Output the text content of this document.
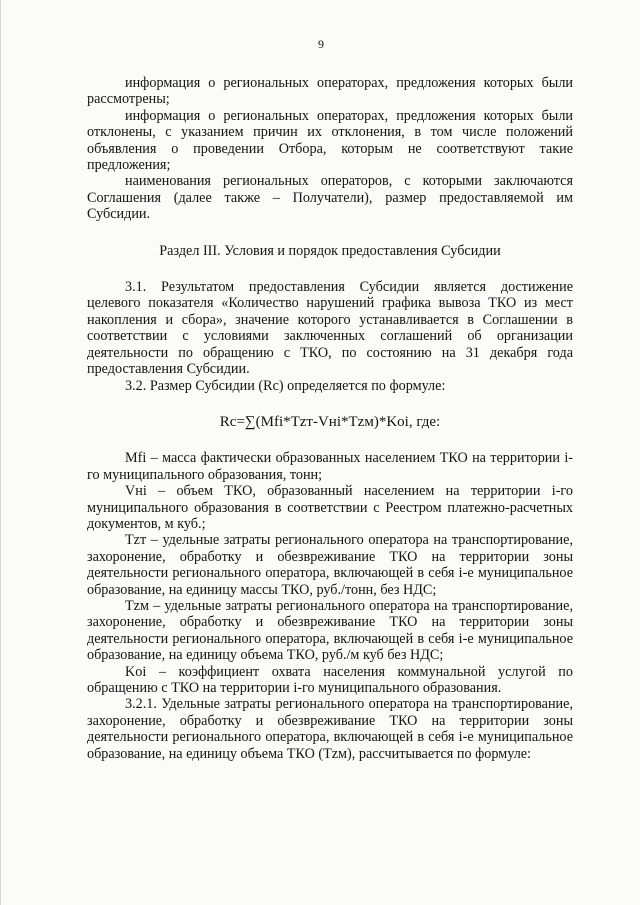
9

информация о региональных операторах, предложения которых были рассмотрены;

информация о региональных операторах, предложения которых были отклонены, с указанием причин их отклонения, в том числе положений объявления о проведении Отбора, которым не соответствуют такие предложения;

наименования региональных операторов, с которыми заключаются Соглашения (далее также – Получатели), размер предоставляемой им Субсидии.

Раздел III. Условия и порядок предоставления Субсидии

3.1. Результатом предоставления Субсидии является достижение целевого показателя «Количество нарушений графика вывоза ТКО из мест накопления и сбора», значение которого устанавливается в Соглашении в соответствии с условиями заключенных соглашений об организации деятельности по обращению с ТКО, по состоянию на 31 декабря года предоставления Субсидии.

3.2. Размер Субсидии (Rc) определяется по формуле:

Rc=∑(Mfi*Tzт-Vнi*Tzм)*Koi, где:

Mfi – масса фактически образованных населением ТКО на территории i-го муниципального образования, тонн;

Vнi – объем ТКО, образованный населением на территории i-го муниципального образования в соответствии с Реестром платежно-расчетных документов, м куб.;

Tzт – удельные затраты регионального оператора на транспортирование, захоронение, обработку и обезвреживание ТКО на территории зоны деятельности регионального оператора, включающей в себя i-е муниципальное образование, на единицу массы ТКО, руб./тонн, без НДС;

Tzм – удельные затраты регионального оператора на транспортирование, захоронение, обработку и обезвреживание ТКО на территории зоны деятельности регионального оператора, включающей в себя i-е муниципальное образование, на единицу объема ТКО, руб./м куб без НДС;

Koi – коэффициент охвата населения коммунальной услугой по обращению с ТКО на территории i-го муниципального образования.

3.2.1. Удельные затраты регионального оператора на транспортирование, захоронение, обработку и обезвреживание ТКО на территории зоны деятельности регионального оператора, включающей в себя i-е муниципальное образование, на единицу объема ТКО (Tzм), рассчитывается по формуле:
